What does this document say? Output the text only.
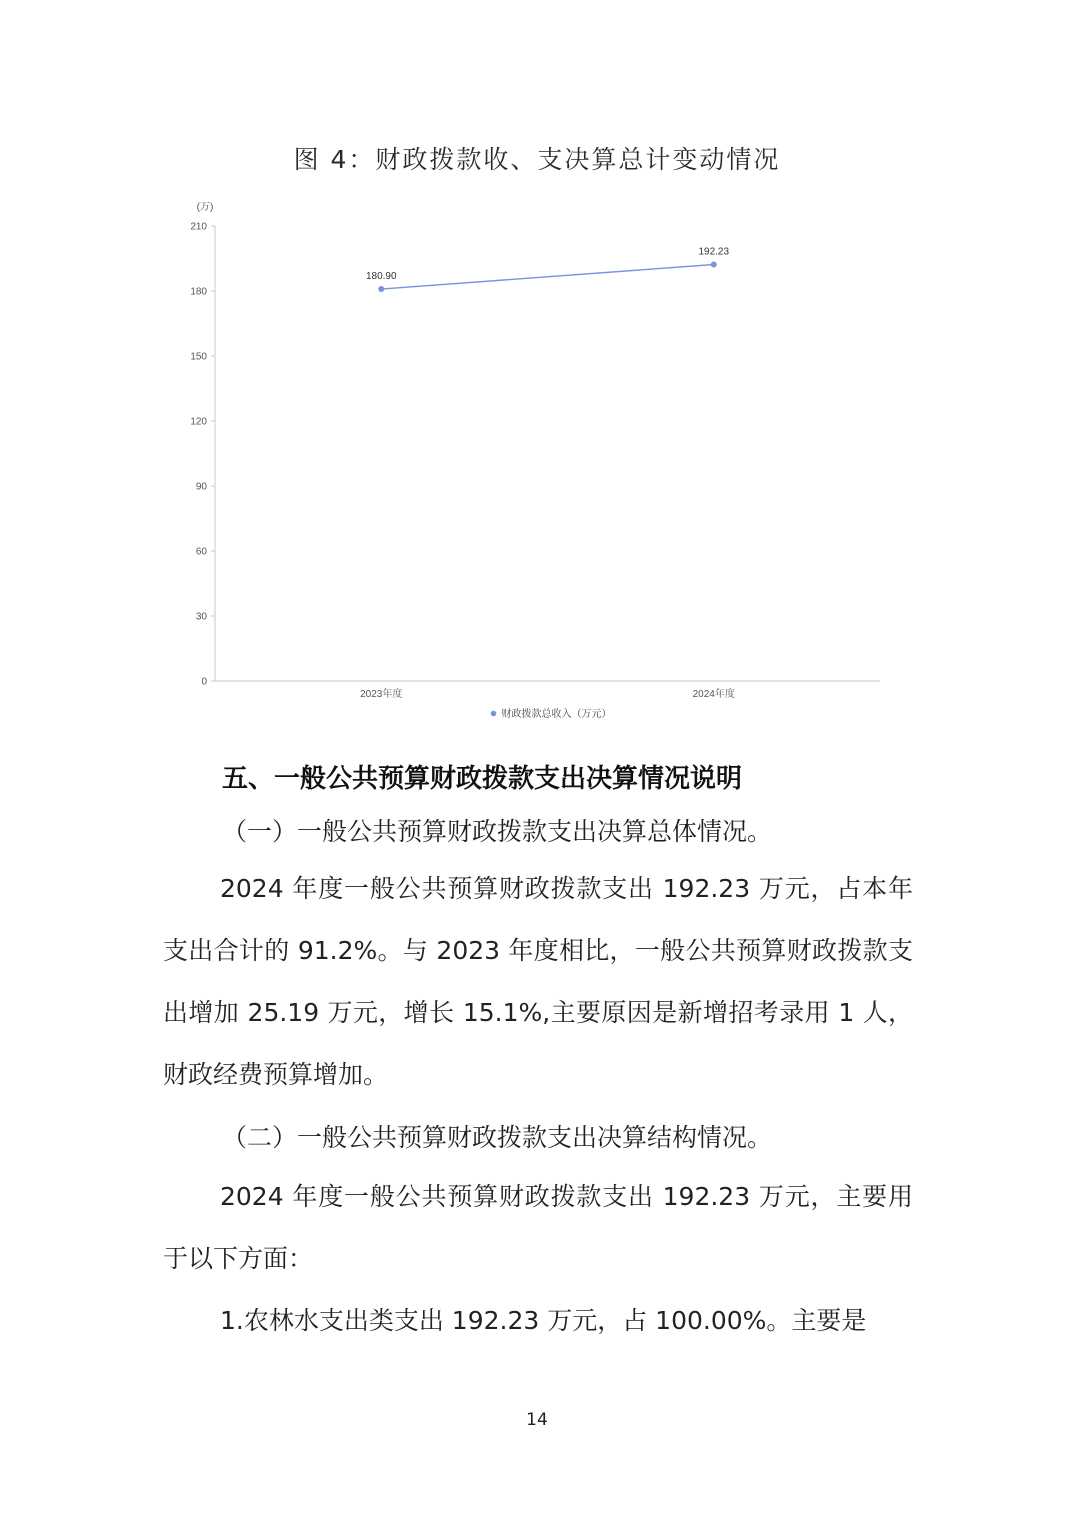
图 4：财政拨款收、支决算总计变动情况
(万)
0
30
60
90
120
150
180
210
2023年度	2024年度
180.90
192.23
财政拨款总收入（万元）
五、一般公共预算财政拨款支出决算情况说明
（一）一般公共预算财政拨款支出决算总体情况。
2024 年度一般公共预算财政拨款支出 192.23 万元，占本年支出合计的 91.2%。与 2023 年度相比，一般公共预算财政拨款支出增加 25.19 万元，增长 15.1%,主要原因是新增招考录用 1 人，财政经费预算增加。
（二）一般公共预算财政拨款支出决算结构情况。
2024 年度一般公共预算财政拨款支出 192.23 万元，主要用于以下方面：
1.农林水支出类支出 192.23 万元，占 100.00%。主要是
14
